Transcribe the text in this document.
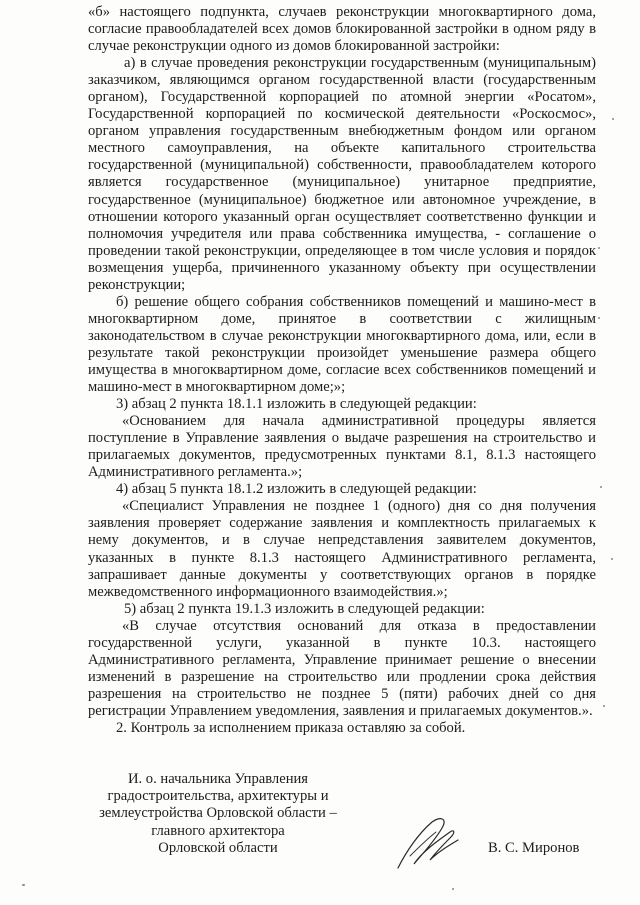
«б» настоящего подпункта, случаев реконструкции многоквартирного дома, согласие правообладателей всех домов блокированной застройки в одном ряду в случае реконструкции одного из домов блокированной застройки:

а) в случае проведения реконструкции государственным (муниципальным) заказчиком, являющимся органом государственной власти (государственным органом), Государственной корпорацией по атомной энергии «Росатом», Государственной корпорацией по космической деятельности «Роскосмос», органом управления государственным внебюджетным фондом или органом местного самоуправления, на объекте капитального строительства государственной (муниципальной) собственности, правообладателем которого является государственное (муниципальное) унитарное предприятие, государственное (муниципальное) бюджетное или автономное учреждение, в отношении которого указанный орган осуществляет соответственно функции и полномочия учредителя или права собственника имущества, - соглашение о проведении такой реконструкции, определяющее в том числе условия и порядок возмещения ущерба, причиненного указанному объекту при осуществлении реконструкции;

б) решение общего собрания собственников помещений и машино-мест в многоквартирном доме, принятое в соответствии с жилищным законодательством в случае реконструкции многоквартирного дома, или, если в результате такой реконструкции произойдет уменьшение размера общего имущества в многоквартирном доме, согласие всех собственников помещений и машино-мест в многоквартирном доме;»;

3) абзац 2 пункта 18.1.1 изложить в следующей редакции:

«Основанием для начала административной процедуры является поступление в Управление заявления о выдаче разрешения на строительство и прилагаемых документов, предусмотренных пунктами 8.1, 8.1.3 настоящего Административного регламента.»;

4) абзац 5 пункта 18.1.2 изложить в следующей редакции:

«Специалист Управления не позднее 1 (одного) дня со дня получения заявления проверяет содержание заявления и комплектность прилагаемых к нему документов, и в случае непредставления заявителем документов, указанных в пункте 8.1.3 настоящего Административного регламента, запрашивает данные документы у соответствующих органов в порядке межведомственного информационного взаимодействия.»;

5) абзац 2 пункта 19.1.3 изложить в следующей редакции:

«В случае отсутствия оснований для отказа в предоставлении государственной услуги, указанной в пункте 10.3. настоящего Административного регламента, Управление принимает решение о внесении изменений в разрешение на строительство или продлении срока действия разрешения на строительство не позднее 5 (пяти) рабочих дней со дня регистрации Управлением уведомления, заявления и прилагаемых документов.».

2. Контроль за исполнением приказа оставляю за собой.

И. о. начальника Управления
градостроительства, архитектуры и
землеустройства Орловской области –
главного архитектора
Орловской области	В. С. Миронов
